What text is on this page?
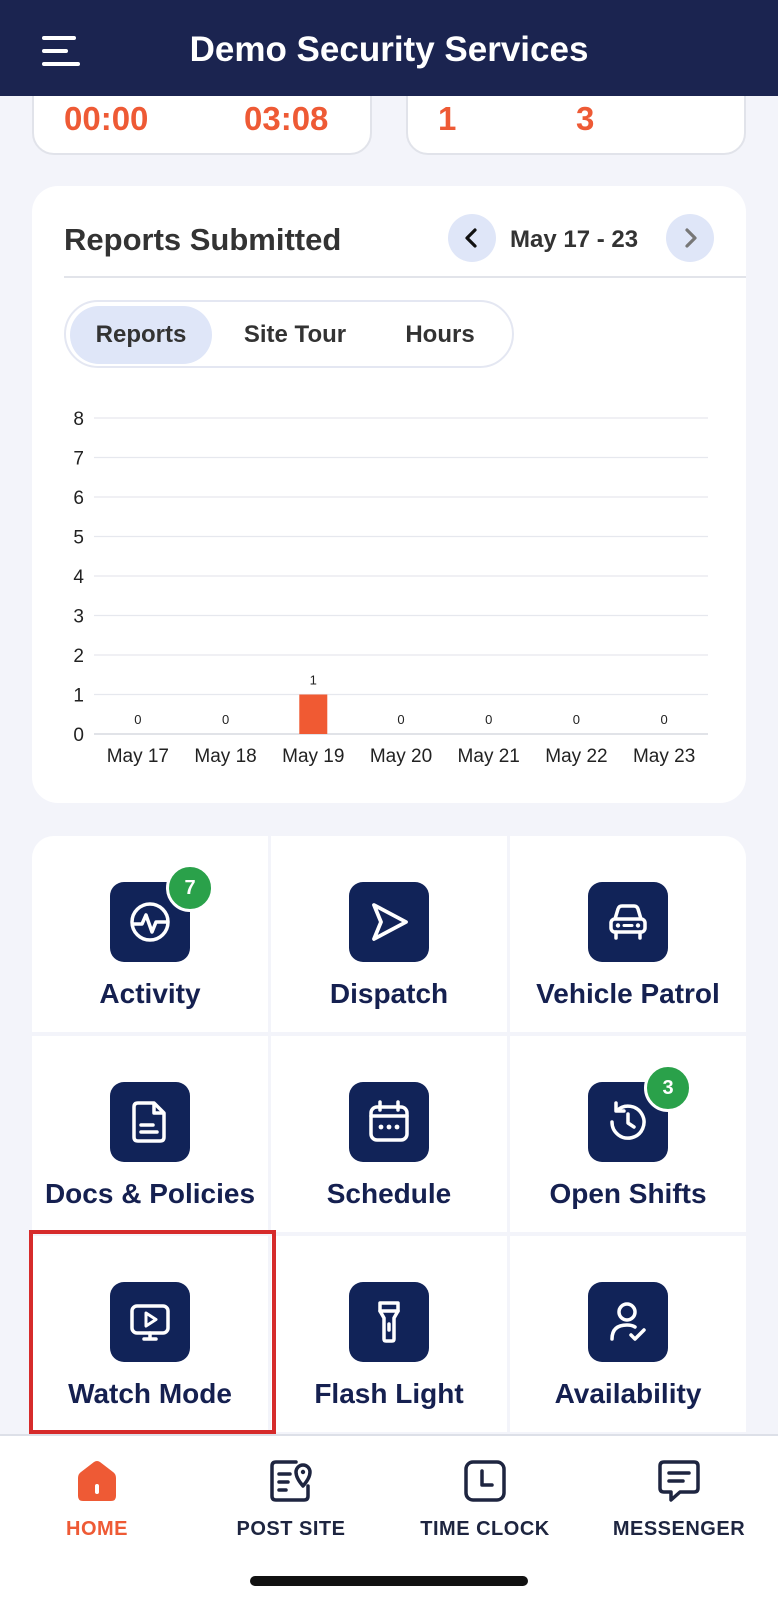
Demo Security Services
00:00	03:08	1	3
Reports Submitted	May 17 - 23
Reports	Site Tour	Hours
0
1
2
3
4
5
6
7
8
0
May 17
0
May 18
1
May 19
0
May 20
0
May 21
0
May 22
0
May 23
7
Activity	Dispatch	Vehicle Patrol
Docs & Policies	Schedule
3
Open Shifts
Watch Mode	Flash Light	Availability
HOME	POST SITE	TIME CLOCK	MESSENGER
